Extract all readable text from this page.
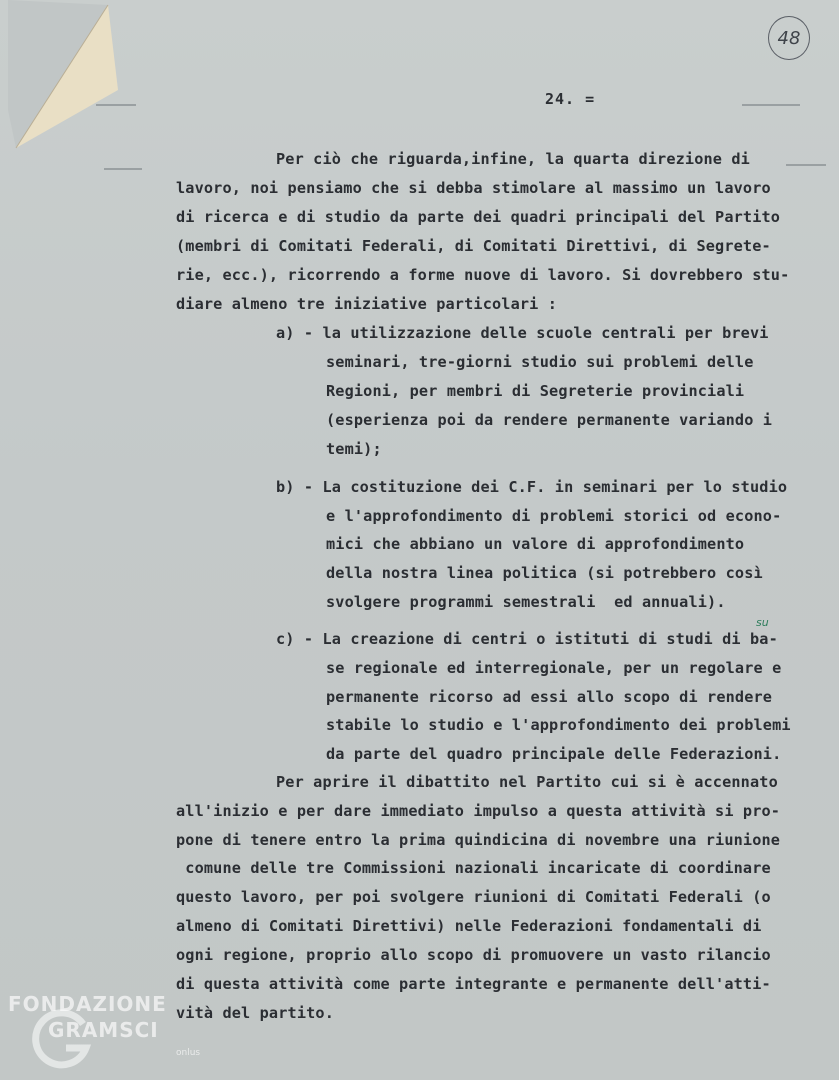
48
24. =

Per ciò che riguarda,infine, la quarta direzione di

lavoro, noi pensiamo che si debba stimolare al massimo un lavoro

di ricerca e di studio da parte dei quadri principali del Partito

(membri di Comitati Federali, di Comitati Direttivi, di Segrete-

rie, ecc.), ricorrendo a forme nuove di lavoro. Si dovrebbero stu-

diare almeno tre iniziative particolari :

a) - la utilizzazione delle scuole centrali per brevi

seminari, tre-giorni studio sui problemi delle

Regioni, per membri di Segreterie provinciali

(esperienza poi da rendere permanente variando i

temi);

b) - La costituzione dei C.F. in seminari per lo studio

e l'approfondimento di problemi storici od econo-

mici che abbiano un valore di approfondimento

della nostra linea politica (si potrebbero così

svolgere programmi semestrali  ed annuali).

su

c) - La creazione di centri o istituti di studi di ba-

se regionale ed interregionale, per un regolare e

permanente ricorso ad essi allo scopo di rendere

stabile lo studio e l'approfondimento dei problemi

da parte del quadro principale delle Federazioni.

Per aprire il dibattito nel Partito cui si è accennato

all'inizio e per dare immediato impulso a questa attività si pro-

pone di tenere entro la prima quindicina di novembre una riunione

comune delle tre Commissioni nazionali incaricate di coordinare

questo lavoro, per poi svolgere riunioni di Comitati Federali (o

almeno di Comitati Direttivi) nelle Federazioni fondamentali di

ogni regione, proprio allo scopo di promuovere un vasto rilancio

di questa attività come parte integrante e permanente dell'atti-

vità del partito.

FONDAZIONE
GRAMSCI
onlus
